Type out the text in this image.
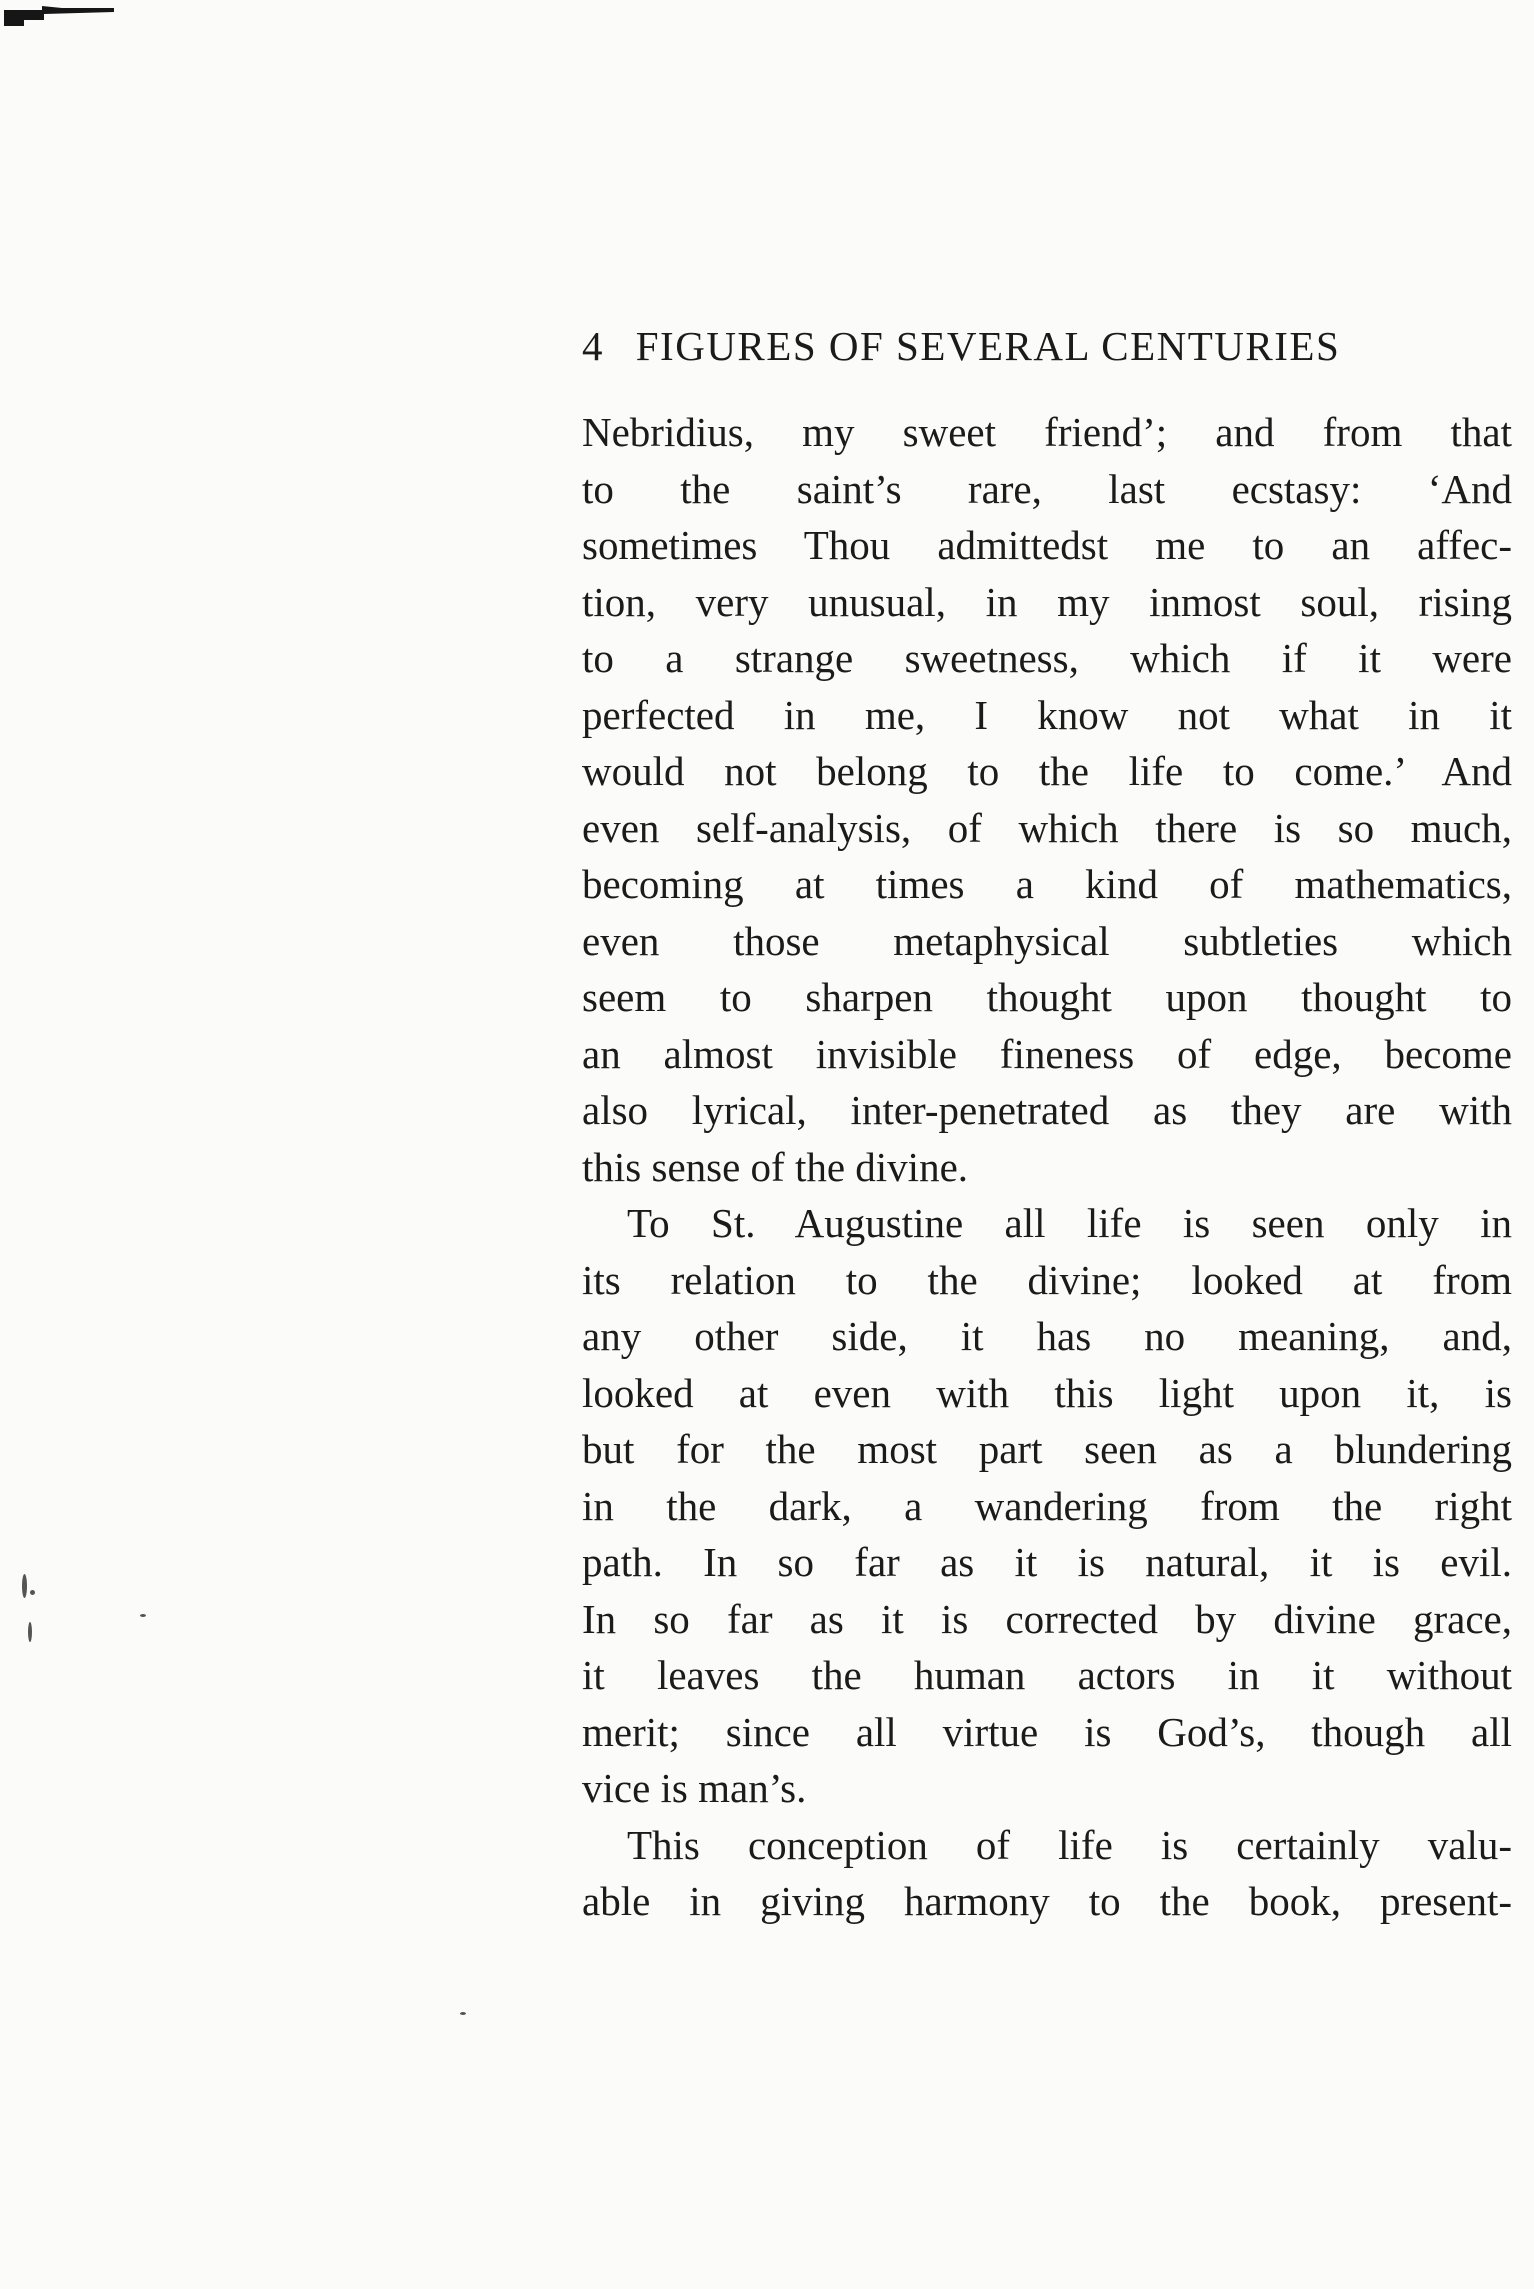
4 FIGURES OF SEVERAL CENTURIES
Nebridius, my sweet friend’; and from that
to the saint’s rare, last ecstasy: ‘And
sometimes Thou admittedst me to an affec-
tion, very unusual, in my inmost soul, rising
to a strange sweetness, which if it were
perfected in me, I know not what in it
would not belong to the life to come.’ And
even self-analysis, of which there is so much,
becoming at times a kind of mathematics,
even those metaphysical subtleties which
seem to sharpen thought upon thought to
an almost invisible fineness of edge, become
also lyrical, inter-penetrated as they are with
this sense of the divine.
To St. Augustine all life is seen only in
its relation to the divine; looked at from
any other side, it has no meaning, and,
looked at even with this light upon it, is
but for the most part seen as a blundering
in the dark, a wandering from the right
path. In so far as it is natural, it is evil.
In so far as it is corrected by divine grace,
it leaves the human actors in it without
merit; since all virtue is God’s, though all
vice is man’s.
This conception of life is certainly valu-
able in giving harmony to the book, present-
